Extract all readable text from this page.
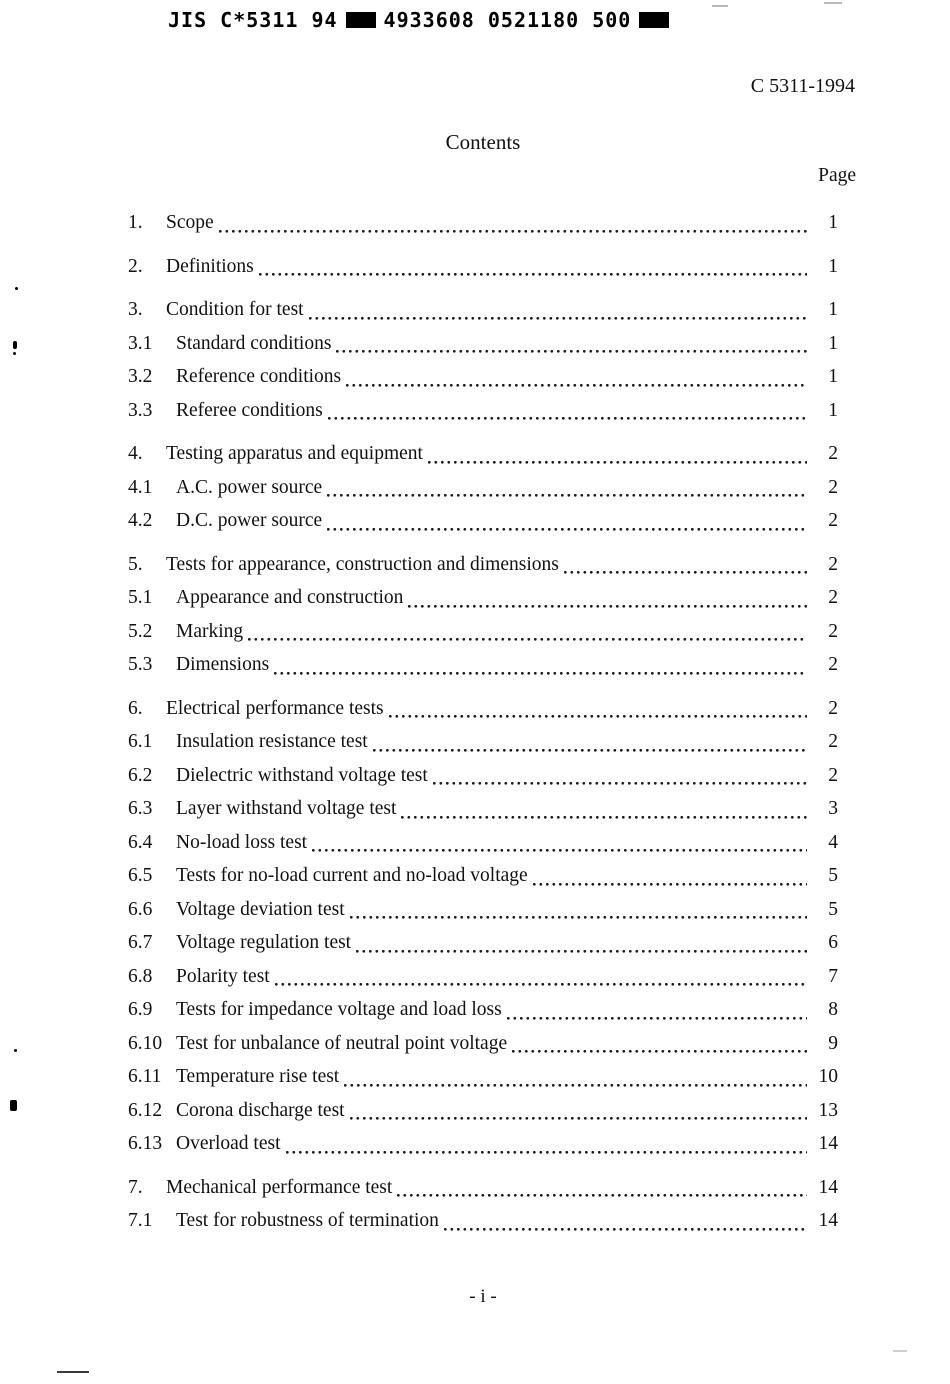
JIS C*5311 94 4933608 0521180 500
C 5311-1994
Contents
Page
1.	Scope	1
2.	Definitions	1
3.	Condition for test	1
3.1	Standard conditions	1
3.2	Reference conditions	1
3.3	Referee conditions	1
4.	Testing apparatus and equipment	2
4.1	A.C. power source	2
4.2	D.C. power source	2
5.	Tests for appearance, construction and dimensions	2
5.1	Appearance and construction	2
5.2	Marking	2
5.3	Dimensions	2
6.	Electrical performance tests	2
6.1	Insulation resistance test	2
6.2	Dielectric withstand voltage test	2
6.3	Layer withstand voltage test	3
6.4	No-load loss test	4
6.5	Tests for no-load current and no-load voltage	5
6.6	Voltage deviation test	5
6.7	Voltage regulation test	6
6.8	Polarity test	7
6.9	Tests for impedance voltage and load loss	8
6.10 Test for unbalance of neutral point voltage	9
6.11 Temperature rise test	10
6.12 Corona discharge test	13
6.13 Overload test	14
7.	Mechanical performance test	14
7.1	Test for robustness of termination	14
- i -
